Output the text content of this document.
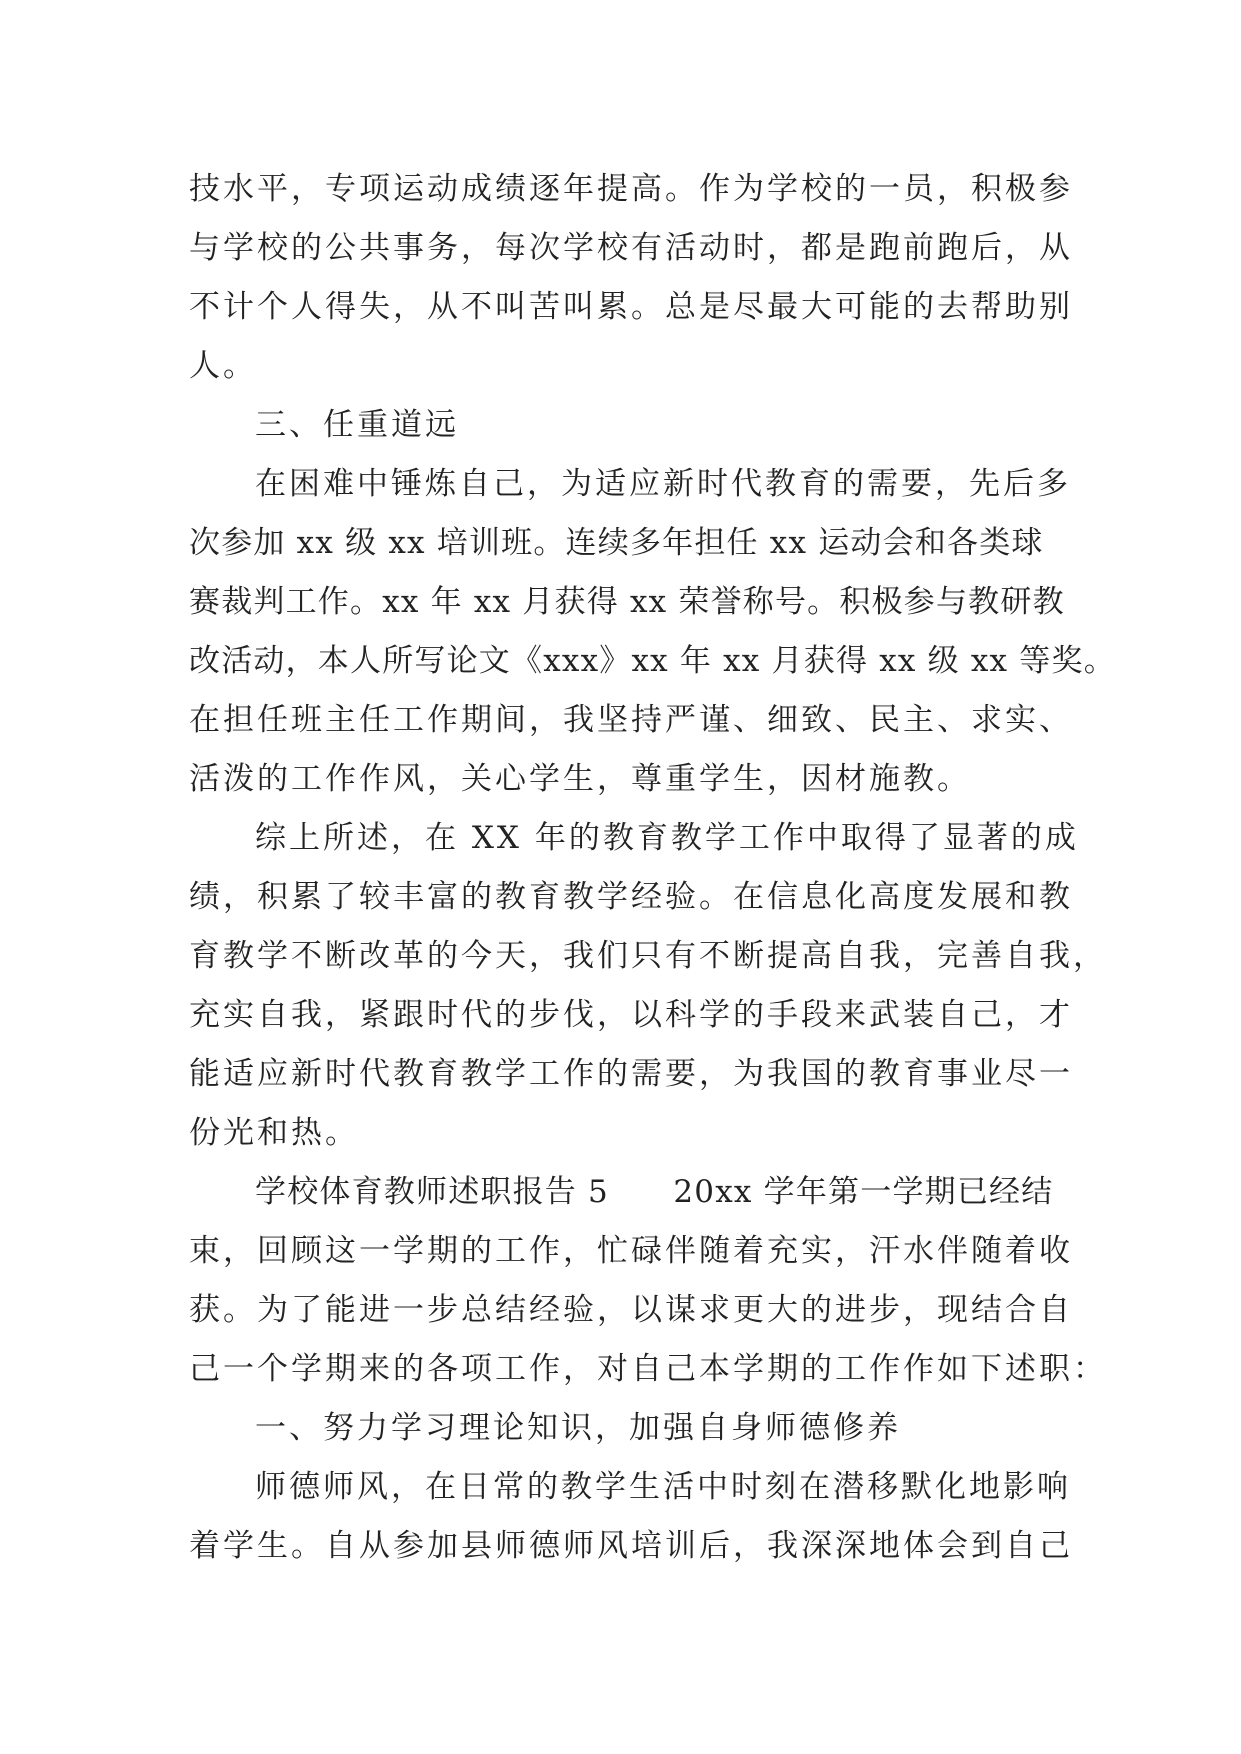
技水平，专项运动成绩逐年提高。作为学校的一员，积极参
与学校的公共事务，每次学校有活动时，都是跑前跑后，从
不计个人得失，从不叫苦叫累。总是尽最大可能的去帮助别
人。
三、任重道远
在困难中锤炼自己，为适应新时代教育的需要，先后多
次参加 xx 级 xx 培训班。连续多年担任 xx 运动会和各类球
赛裁判工作。xx 年 xx 月获得 xx 荣誉称号。积极参与教研教
改活动，本人所写论文《xxx》xx 年 xx 月获得 xx 级 xx 等奖。
在担任班主任工作期间，我坚持严谨、细致、民主、求实、
活泼的工作作风，关心学生，尊重学生，因材施教。
综上所述，在 XX 年的教育教学工作中取得了显著的成
绩，积累了较丰富的教育教学经验。在信息化高度发展和教
育教学不断改革的今天，我们只有不断提高自我，完善自我，
充实自我，紧跟时代的步伐，以科学的手段来武装自己，才
能适应新时代教育教学工作的需要，为我国的教育事业尽一
份光和热。
学校体育教师述职报告 5　　20xx 学年第一学期已经结
束，回顾这一学期的工作，忙碌伴随着充实，汗水伴随着收
获。为了能进一步总结经验，以谋求更大的进步，现结合自
己一个学期来的各项工作，对自己本学期的工作作如下述职：
一、努力学习理论知识，加强自身师德修养
师德师风，在日常的教学生活中时刻在潜移默化地影响
着学生。自从参加县师德师风培训后，我深深地体会到自己
